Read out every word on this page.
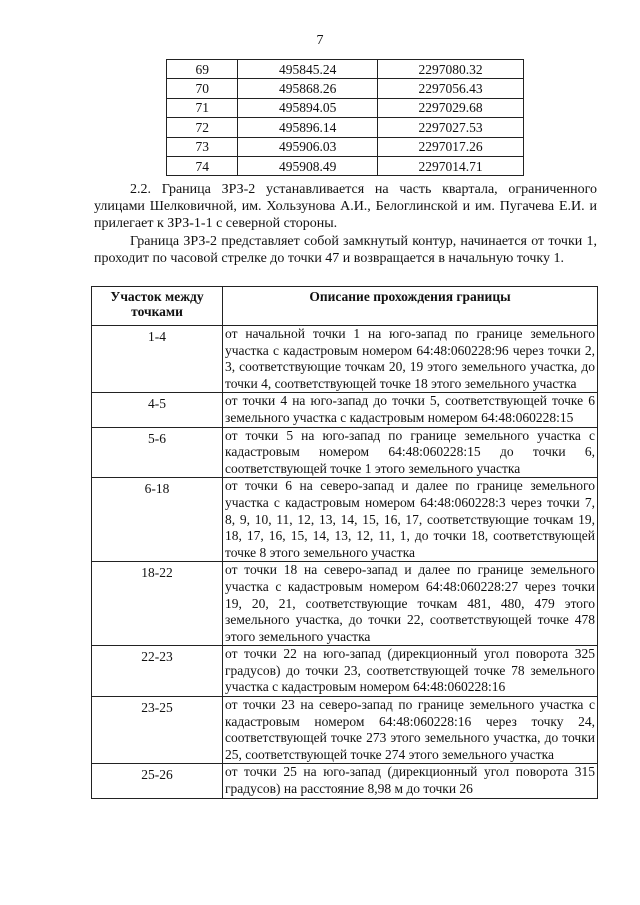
7
69	495845.24	2297080.32
70	495868.26	2297056.43
71	495894.05	2297029.68
72	495896.14	2297027.53
73	495906.03	2297017.26
74	495908.49	2297014.71

2.2. Граница ЗРЗ-2 устанавливается на часть квартала, ограниченного улицами Шелковичной, им. Хользунова А.И., Белоглинской и им. Пугачева Е.И. и прилегает к ЗРЗ-1-1 с северной стороны.

Граница ЗРЗ-2 представляет собой замкнутый контур, начинается от точки 1, проходит по часовой стрелке до точки 47 и возвращается в начальную точку 1.

Участок между точками	Описание прохождения границы
1-4	от начальной точки 1 на юго-запад по границе земельного участка с кадастровым номером 64:48:060228:96 через точки 2, 3, соответствующие точкам 20, 19 этого земельного участка, до точки 4, соответствующей точке 18 этого земельного участка
4-5	от точки 4 на юго-запад до точки 5, соответствующей точке 6 земельного участка с кадастровым номером 64:48:060228:15
5-6	от точки 5 на юго-запад по границе земельного участка с кадастровым номером 64:48:060228:15 до точки 6, соответствующей точке 1 этого земельного участка
6-18	от точки 6 на северо-запад и далее по границе земельного участка с кадастровым номером 64:48:060228:3 через точки 7, 8, 9, 10, 11, 12, 13, 14, 15, 16, 17, соответствующие точкам 19, 18, 17, 16, 15, 14, 13, 12, 11, 1, до точки 18, соответствующей точке 8 этого земельного участка
18-22	от точки 18 на северо-запад и далее по границе земельного участка с кадастровым номером 64:48:060228:27 через точки 19, 20, 21, соответствующие точкам 481, 480, 479 этого земельного участка, до точки 22, соответствующей точке 478 этого земельного участка
22-23	от точки 22 на юго-запад (дирекционный угол поворота 325 градусов) до точки 23, соответствующей точке 78 земельного участка с кадастровым номером 64:48:060228:16
23-25	от точки 23 на северо-запад по границе земельного участка с кадастровым номером 64:48:060228:16 через точку 24, соответствующей точке 273 этого земельного участка, до точки 25, соответствующей точке 274 этого земельного участка
25-26	от точки 25 на юго-запад (дирекционный угол поворота 315 градусов) на расстояние 8,98 м до точки 26
